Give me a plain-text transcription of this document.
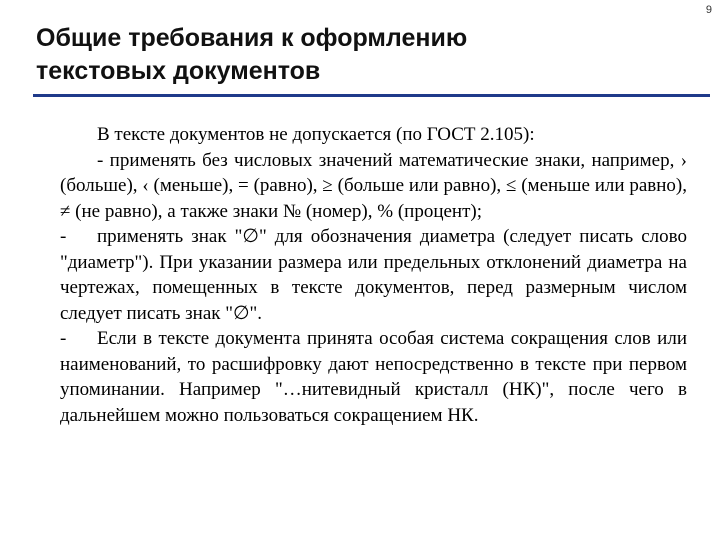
9
Общие требования к оформлению
текстовых документов

В тексте документов не допускается (по ГОСТ 2.105):

- применять без числовых значений математические знаки, например, › (больше), ‹ (меньше), = (равно), ≥ (больше или равно), ≤ (меньше или равно), ≠ (не равно), а также знаки № (номер), % (процент);

- применять знак "∅" для обозначения диаметра (следует писать слово "диаметр"). При указании размера или предельных отклонений диаметра на чертежах, помещенных в тексте документов, перед размерным числом следует писать знак "∅".

- Если в тексте документа принята особая система сокращения слов или наименований, то расшифровку дают непосредственно в тексте при первом упоминании. Например "…нитевидный кристалл (НК)", после чего в дальнейшем можно пользоваться сокращением НК.
